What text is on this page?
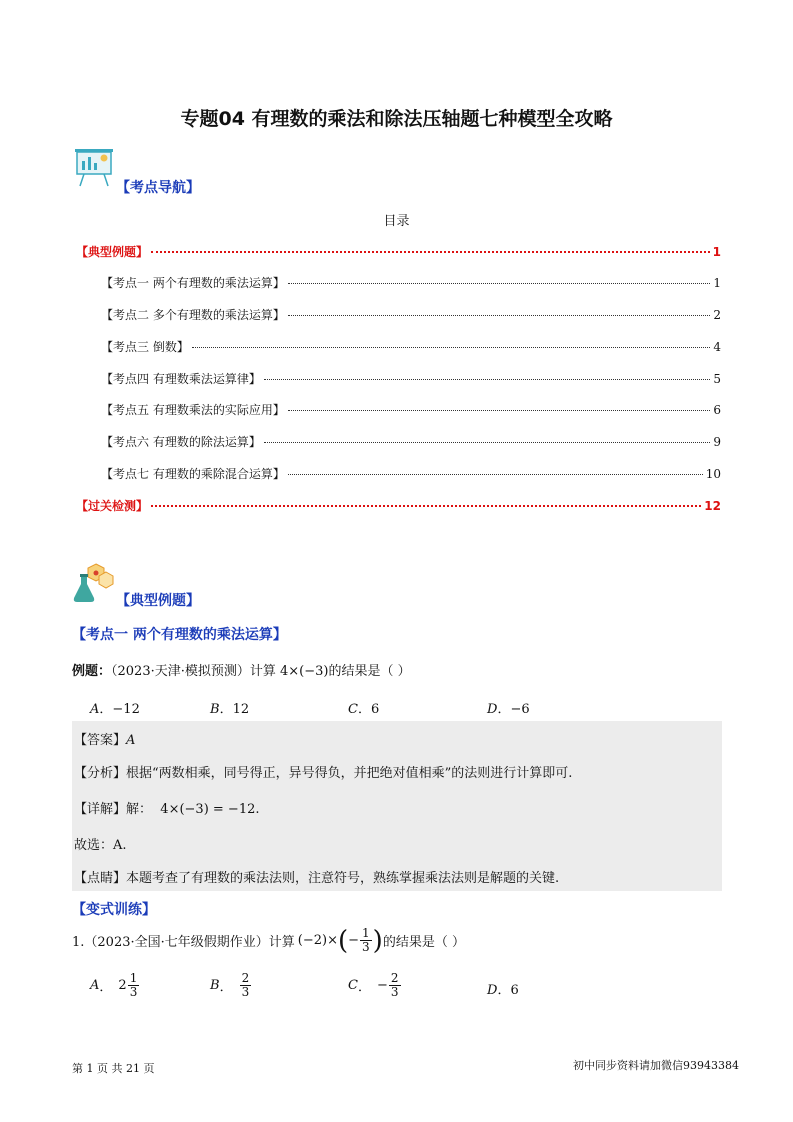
专题04 有理数的乘法和除法压轴题七种模型全攻略
【考点导航】
目录
【典型例题】	1
【考点一 两个有理数的乘法运算】	1
【考点二 多个有理数的乘法运算】	2
【考点三 倒数】	4
【考点四 有理数乘法运算律】	5
【考点五 有理数乘法的实际应用】	6
【考点六 有理数的除法运算】	9
【考点七 有理数的乘除混合运算】	10
【过关检测】	12
【典型例题】
【考点一 两个有理数的乘法运算】
例题：（2023·天津·模拟预测）计算 4×(−3)的结果是（ ）
A．−12	B．12	C．6	D．−6
【答案】A
【分析】根据“两数相乘，同号得正，异号得负，并把绝对值相乘”的法则进行计算即可.
【详解】解： 4×(−3) = −12.
故选：A.
【点睛】本题考查了有理数的乘法法则，注意符号，熟练掌握乘法法则是解题的关键.
【变式训练】
1.（2023·全国·七年级假期作业）计算 (−2)× ( − $\frac{1}{3}$ ) 的结果是（ ）
A ． $2 \frac{1}{3}$	B ． $\frac{2}{3}$	C ． − $\frac{2}{3}$	D．6
第 1 页 共 21 页	初中同步资料请加微信93943384
